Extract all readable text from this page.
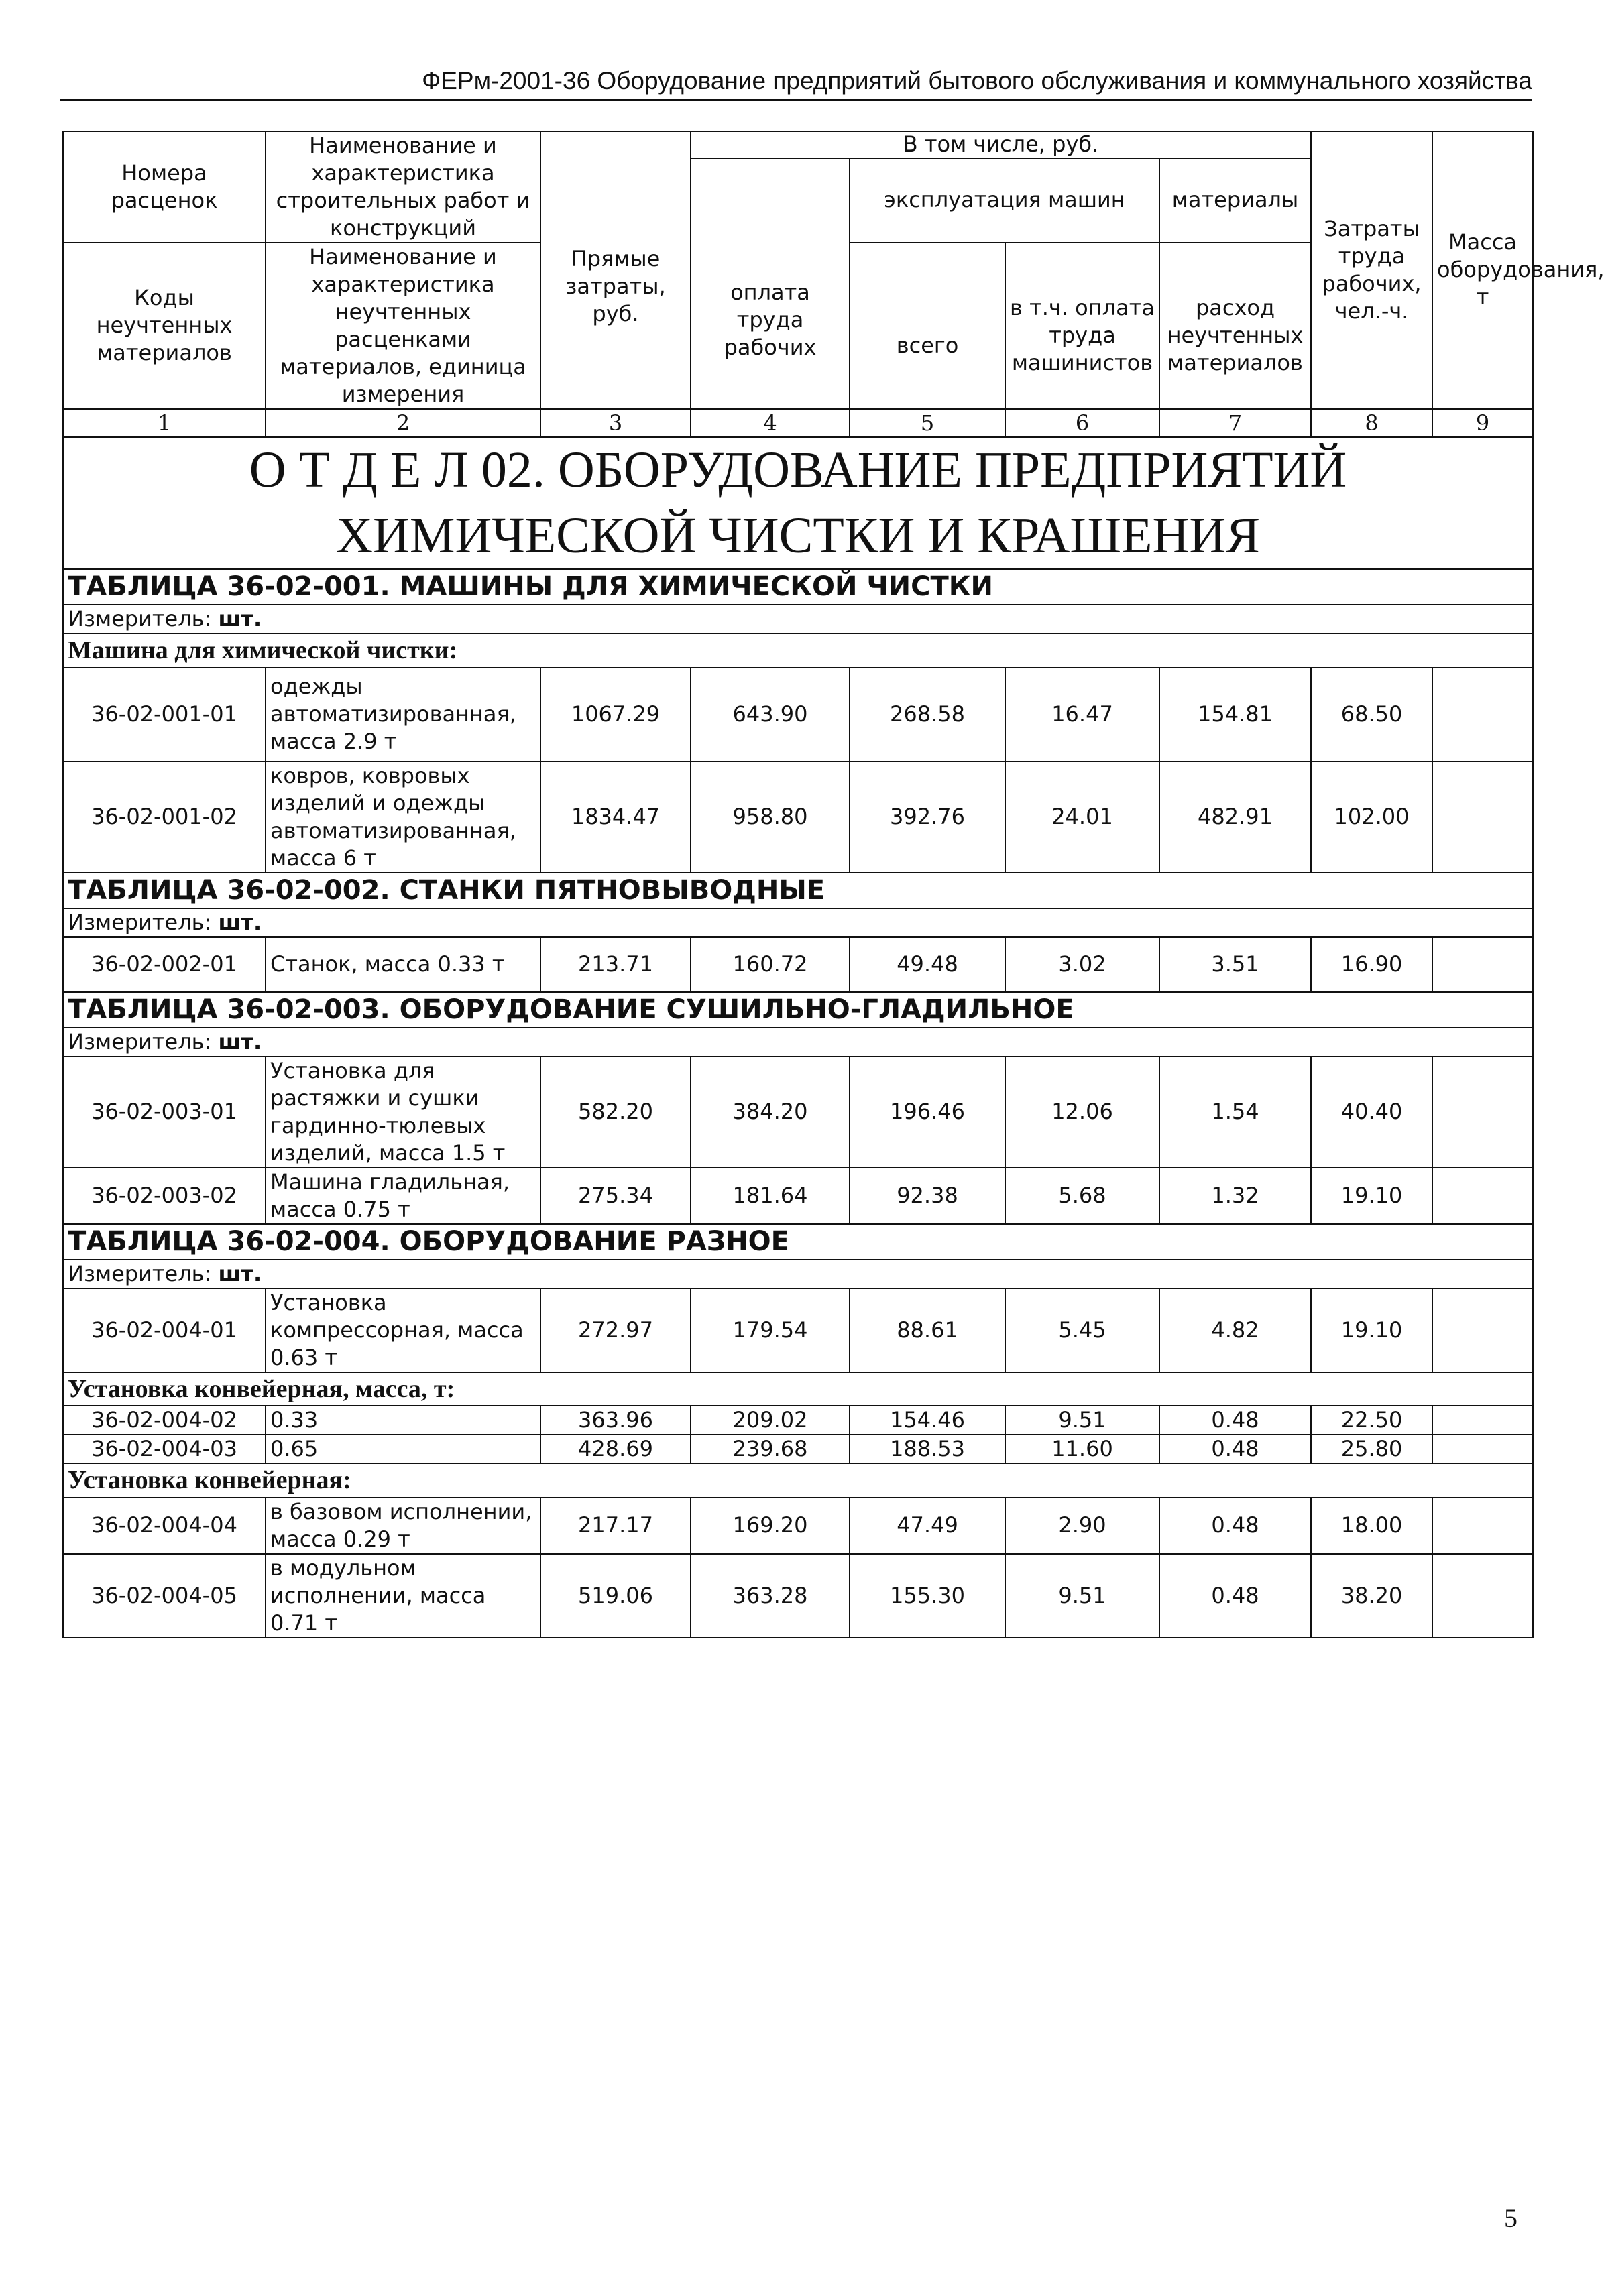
ФЕРм-2001-36 Оборудование предприятий бытового обслуживания и коммунального хозяйства
Номера расценок	Наименование и характеристика строительных работ и конструкций	Прямые затраты, руб.	В том числе, руб.				Затраты труда рабочих, чел.-ч.	Масса оборудования, т
			оплата труда рабочих	эксплуатация машин		материалы		
Коды неучтенных материалов	Наименование и характеристика неучтенных расценками материалов, единица измерения			всего	в т.ч. оплата труда машинистов	расход неучтенных материалов		

1	2	3	4	5	6	7	8	9

О Т Д Е Л 02. ОБОРУДОВАНИЕ ПРЕДПРИЯТИЙ ХИМИЧЕСКОЙ ЧИСТКИ И КРАШЕНИЯ								

ТАБЛИЦА 36-02-001. МАШИНЫ ДЛЯ ХИМИЧЕСКОЙ ЧИСТКИ								
Измеритель: шт.								
Машина для химической чистки:								
36-02-001-01	одежды автоматизированная, масса 2.9 т	1067.29	643.90	268.58	16.47	154.81	68.50	
36-02-001-02	ковров, ковровых изделий и одежды автоматизированная, масса 6 т	1834.47	958.80	392.76	24.01	482.91	102.00	
ТАБЛИЦА 36-02-002. СТАНКИ ПЯТНОВЫВОДНЫЕ								
Измеритель: шт.								
36-02-002-01	Станок, масса 0.33 т	213.71	160.72	49.48	3.02	3.51	16.90	
ТАБЛИЦА 36-02-003. ОБОРУДОВАНИЕ СУШИЛЬНО-ГЛАДИЛЬНОЕ								
Измеритель: шт.								
36-02-003-01	Установка для растяжки и сушки гардинно-тюлевых изделий, масса 1.5 т	582.20	384.20	196.46	12.06	1.54	40.40	
36-02-003-02	Машина гладильная, масса 0.75 т	275.34	181.64	92.38	5.68	1.32	19.10	
ТАБЛИЦА 36-02-004. ОБОРУДОВАНИЕ РАЗНОЕ								
Измеритель: шт.								
36-02-004-01	Установка компрессорная, масса 0.63 т	272.97	179.54	88.61	5.45	4.82	19.10	
Установка конвейерная, масса, т:								
36-02-004-02	0.33	363.96	209.02	154.46	9.51	0.48	22.50	
36-02-004-03	0.65	428.69	239.68	188.53	11.60	0.48	25.80	
Установка конвейерная:								
36-02-004-04	в базовом исполнении, масса 0.29 т	217.17	169.20	47.49	2.90	0.48	18.00	
36-02-004-05	в модульном исполнении, масса 0.71 т	519.06	363.28	155.30	9.51	0.48	38.20	
5
